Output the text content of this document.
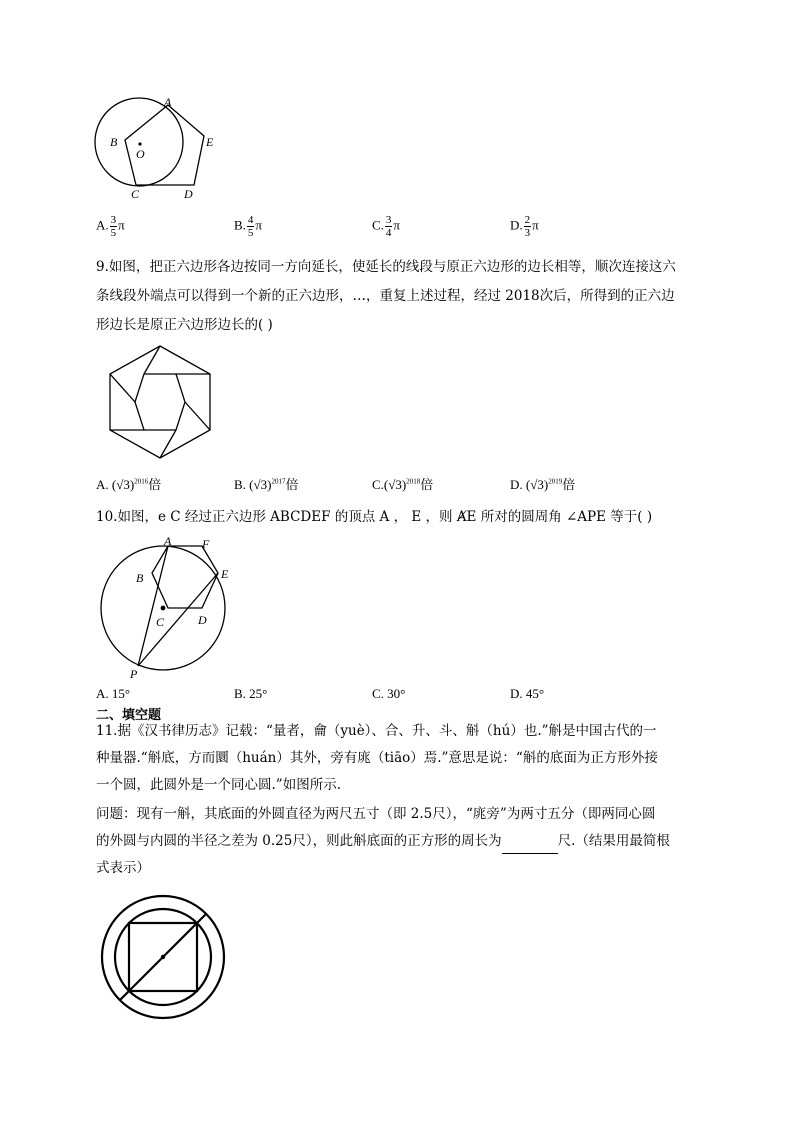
A
B
O
E
C	D
A. $\frac{3}{5}$ π	B. $\frac{4}{5}$ π	C. $\frac{3}{4}$ π	D. $\frac{2}{3}$ π
9.如图，把正六边形各边按同一方向延长，使延长的线段与原正六边形的边长相等，顺次连接这六
条线段外端点可以得到一个新的正六边形，…，重复上述过程，经过 2018次后，所得到的正六边
形边长是原正六边形边长的( )
A. $(√3)^{2016}$倍	B. $(√3)^{2017}$倍	$C.(√3)^{2018}$倍	D. $(√3)^{2019}$倍
10.如图，e C 经过正六边形 ABCDEF 的顶点 A ， E ，则 ȺE 所对的圆周角 ∠APE 等于( )
A	F
B	E
C	D
P
A. 15°	B. 25°	C. 30°	D. 45°
二、填空题
11.据《汉书律历志》记载：“量者，龠（yuè）、合、升、斗、斛（hú）也.”斛是中国古代的一
种量器.“斛底，方而圜（huán）其外，旁有庣（tiāo）焉.”意思是说：“斛的底面为正方形外接
一个圆，此圆外是一个同心圆.”如图所示.
问题：现有一斛，其底面的外圆直径为两尺五寸（即 2.5尺），“庣旁”为两寸五分（即两同心圆
的外圆与内圆的半径之差为 0.25尺），则此斛底面的正方形的周长为	尺.（结果用最简根
式表示）
